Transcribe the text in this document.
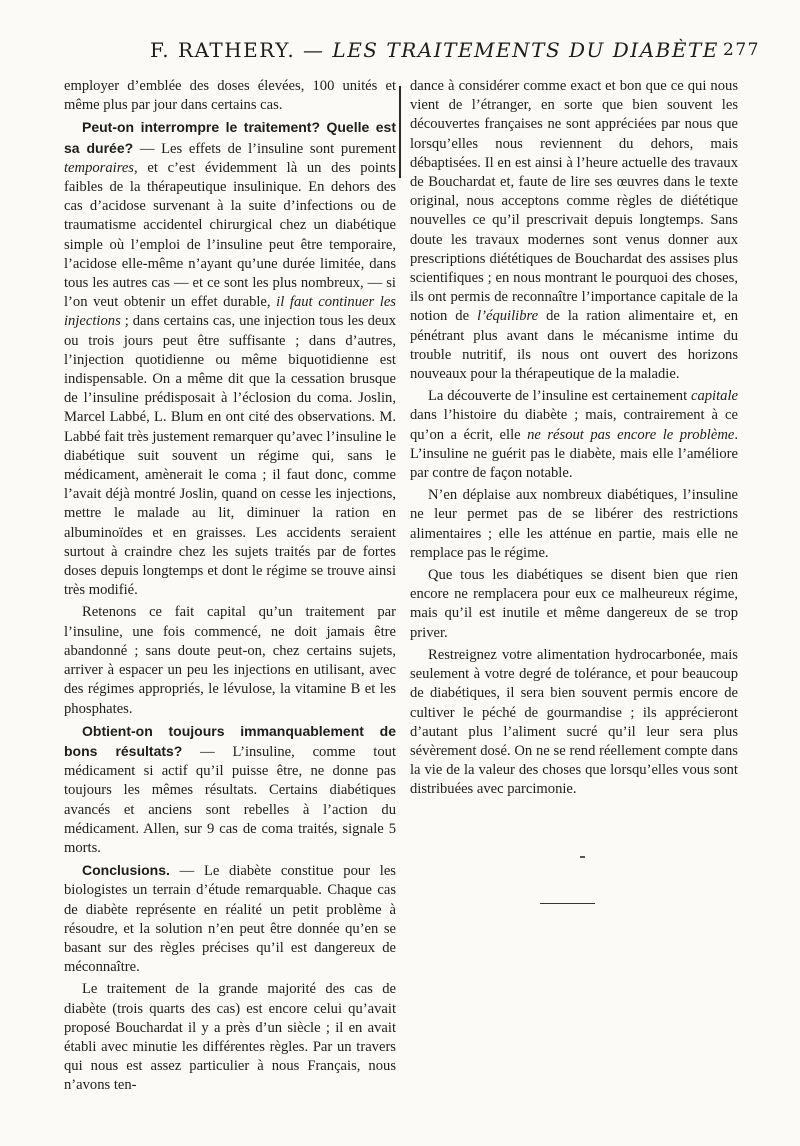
F. RATHERY. — LES TRAITEMENTS DU DIABÈTE 277

employer d’emblée des doses élevées, 100 unités et même plus par jour dans certains cas.

Peut-on interrompre le traitement? Quelle est sa durée? — Les effets de l’insuline sont purement temporaires, et c’est évidemment là un des points faibles de la thérapeutique insulinique. En dehors des cas d’acidose survenant à la suite d’infections ou de traumatisme accidentel chirurgical chez un diabétique simple où l’emploi de l’insuline peut être temporaire, l’acidose elle-même n’ayant qu’une durée limitée, dans tous les autres cas — et ce sont les plus nombreux, — si l’on veut obtenir un effet durable, il faut continuer les injections ; dans certains cas, une injection tous les deux ou trois jours peut être suffisante ; dans d’autres, l’injection quotidienne ou même biquotidienne est indispensable. On a même dit que la cessation brusque de l’insuline prédisposait à l’éclosion du coma. Joslin, Marcel Labbé, L. Blum en ont cité des observations. M. Labbé fait très justement remarquer qu’avec l’insuline le diabétique suit souvent un régime qui, sans le médicament, amènerait le coma ; il faut donc, comme l’avait déjà montré Joslin, quand on cesse les injections, mettre le malade au lit, diminuer la ration en albuminoïdes et en graisses. Les accidents seraient surtout à craindre chez les sujets traités par de fortes doses depuis longtemps et dont le régime se trouve ainsi très modifié.

Retenons ce fait capital qu’un traitement par l’insuline, une fois commencé, ne doit jamais être abandonné ; sans doute peut-on, chez certains sujets, arriver à espacer un peu les injections en utilisant, avec des régimes appropriés, le lévulose, la vitamine B et les phosphates.

Obtient-on toujours immanquablement de bons résultats? — L’insuline, comme tout médicament si actif qu’il puisse être, ne donne pas toujours les mêmes résultats. Certains diabétiques avancés et anciens sont rebelles à l’action du médicament. Allen, sur 9 cas de coma traités, signale 5 morts.

Conclusions. — Le diabète constitue pour les biologistes un terrain d’étude remarquable. Chaque cas de diabète représente en réalité un petit problème à résoudre, et la solution n’en peut être donnée qu’en se basant sur des règles précises qu’il est dangereux de méconnaître.

Le traitement de la grande majorité des cas de diabète (trois quarts des cas) est encore celui qu’avait proposé Bouchardat il y a près d’un siècle ; il en avait établi avec minutie les différentes règles. Par un travers qui nous est assez particulier à nous Français, nous n’avons ten-

dance à considérer comme exact et bon que ce qui nous vient de l’étranger, en sorte que bien souvent les découvertes françaises ne sont appréciées par nous que lorsqu’elles nous reviennent du dehors, mais débaptisées. Il en est ainsi à l’heure actuelle des travaux de Bouchardat et, faute de lire ses œuvres dans le texte original, nous acceptons comme règles de diététique nouvelles ce qu’il prescrivait depuis longtemps. Sans doute les travaux modernes sont venus donner aux prescriptions diététiques de Bouchardat des assises plus scientifiques ; en nous montrant le pourquoi des choses, ils ont permis de reconnaître l’importance capitale de la notion de l’équilibre de la ration alimentaire et, en pénétrant plus avant dans le mécanisme intime du trouble nutritif, ils nous ont ouvert des horizons nouveaux pour la thérapeutique de la maladie.

La découverte de l’insuline est certainement capitale dans l’histoire du diabète ; mais, contrairement à ce qu’on a écrit, elle ne résout pas encore le problème. L’insuline ne guérit pas le diabète, mais elle l’améliore par contre de façon notable.

N’en déplaise aux nombreux diabétiques, l’insuline ne leur permet pas de se libérer des restrictions alimentaires ; elle les atténue en partie, mais elle ne remplace pas le régime.

Que tous les diabétiques se disent bien que rien encore ne remplacera pour eux ce malheureux régime, mais qu’il est inutile et même dangereux de se trop priver.

Restreignez votre alimentation hydrocarbonée, mais seulement à votre degré de tolérance, et pour beaucoup de diabétiques, il sera bien souvent permis encore de cultiver le péché de gourmandise ; ils apprécieront d’autant plus l’aliment sucré qu’il leur sera plus sévèrement dosé. On ne se rend réellement compte dans la vie de la valeur des choses que lorsqu’elles vous sont distribuées avec parcimonie.
